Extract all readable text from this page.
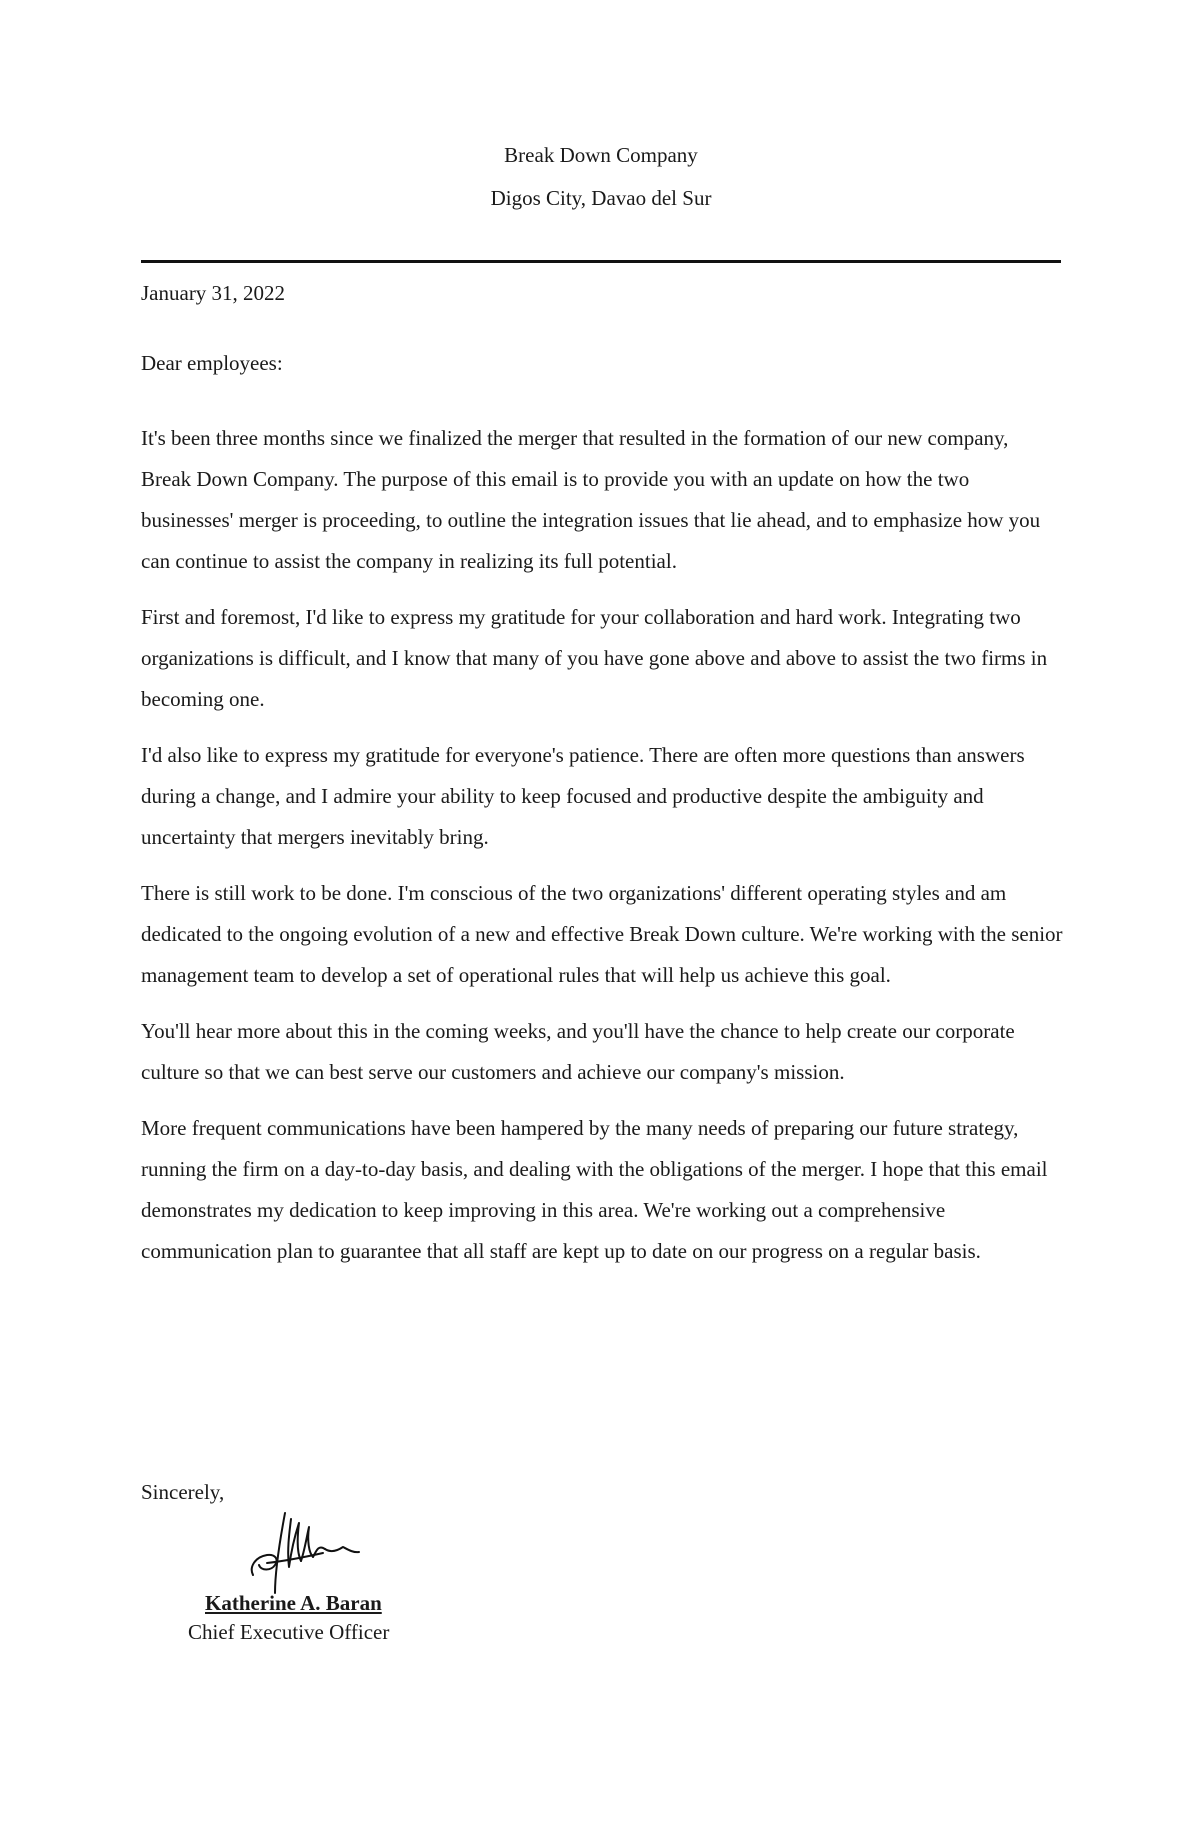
Break Down Company
Digos City, Davao del Sur
January 31, 2022
Dear employees:

It's been three months since we finalized the merger that resulted in the formation of our new company, Break Down Company. The purpose of this email is to provide you with an update on how the two businesses' merger is proceeding, to outline the integration issues that lie ahead, and to emphasize how you can continue to assist the company in realizing its full potential.

First and foremost, I'd like to express my gratitude for your collaboration and hard work. Integrating two organizations is difficult, and I know that many of you have gone above and above to assist the two firms in becoming one.

I'd also like to express my gratitude for everyone's patience. There are often more questions than answers during a change, and I admire your ability to keep focused and productive despite the ambiguity and uncertainty that mergers inevitably bring.

There is still work to be done. I'm conscious of the two organizations' different operating styles and am dedicated to the ongoing evolution of a new and effective Break Down culture. We're working with the senior management team to develop a set of operational rules that will help us achieve this goal.

You'll hear more about this in the coming weeks, and you'll have the chance to help create our corporate culture so that we can best serve our customers and achieve our company's mission.

More frequent communications have been hampered by the many needs of preparing our future strategy, running the firm on a day-to-day basis, and dealing with the obligations of the merger. I hope that this email demonstrates my dedication to keep improving in this area. We're working out a comprehensive communication plan to guarantee that all staff are kept up to date on our progress on a regular basis.

Sincerely,
Katherine A. Baran
Chief Executive Officer
